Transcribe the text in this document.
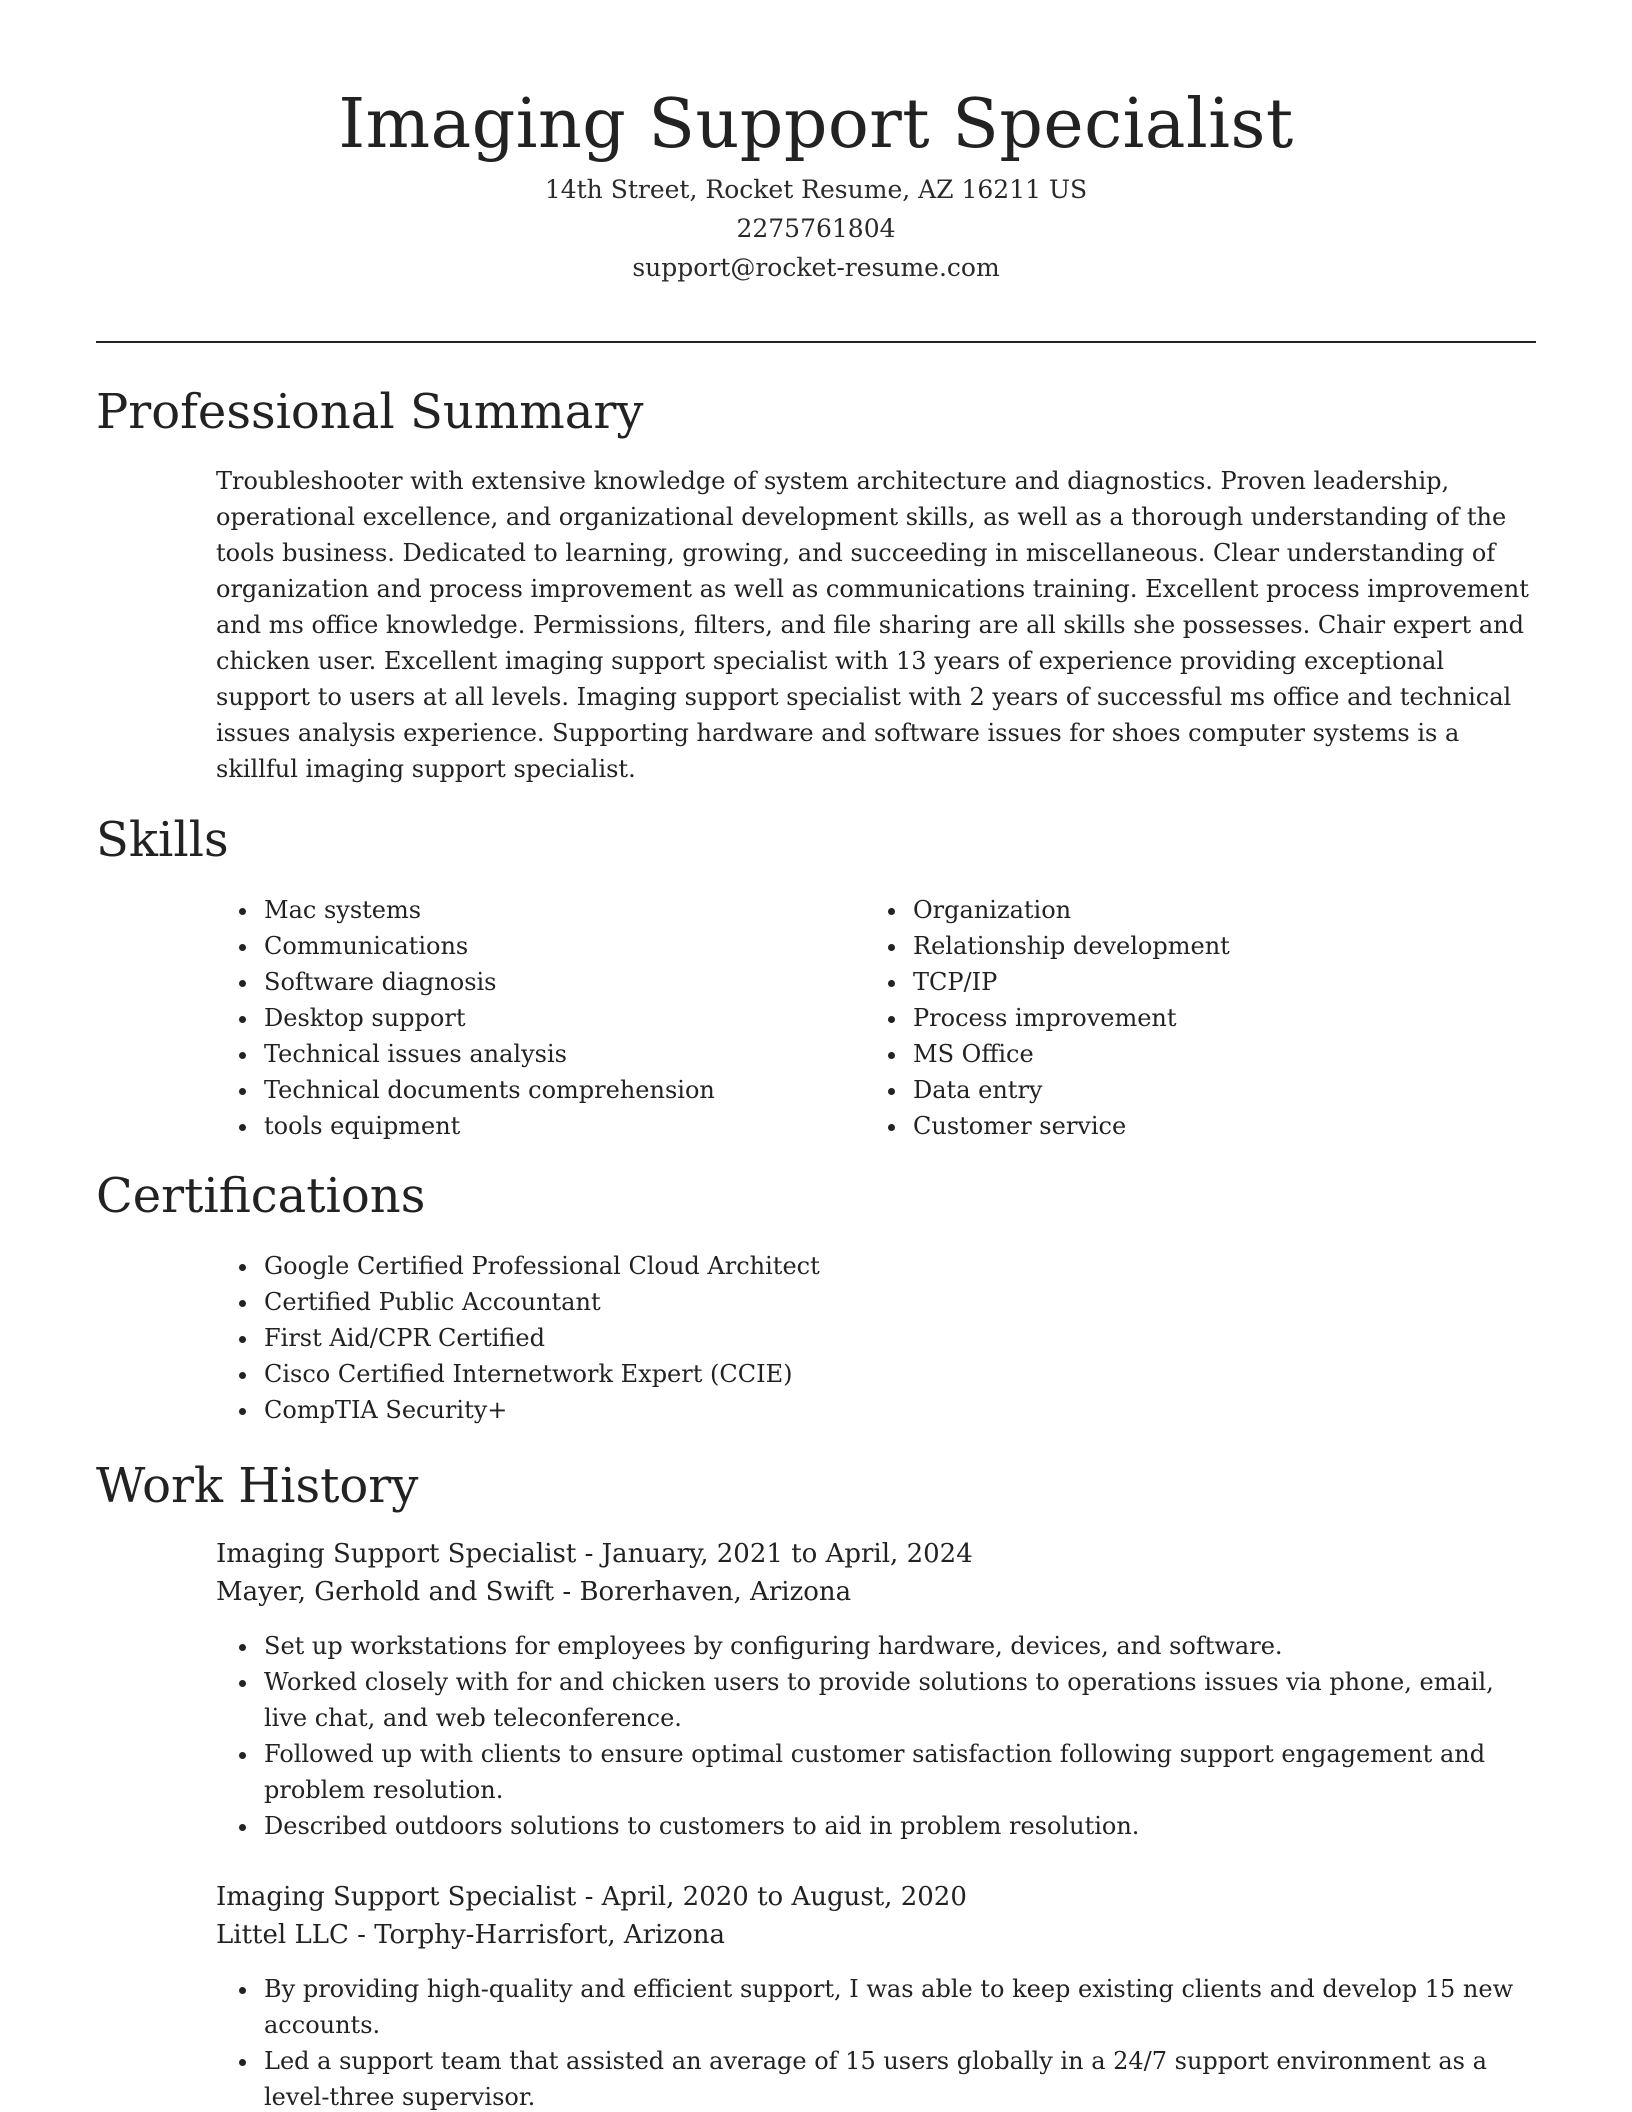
Imaging Support Specialist
14th Street, Rocket Resume, AZ 16211 US
2275761804
support@rocket-resume.com
Professional Summary
Troubleshooter with extensive knowledge of system architecture and diagnostics. Proven leadership, operational excellence, and organizational development skills, as well as a thorough understanding of the tools business. Dedicated to learning, growing, and succeeding in miscellaneous. Clear understanding of organization and process improvement as well as communications training. Excellent process improvement and ms office knowledge. Permissions, filters, and file sharing are all skills she possesses. Chair expert and chicken user. Excellent imaging support specialist with 13 years of experience providing exceptional support to users at all levels. Imaging support specialist with 2 years of successful ms office and technical issues analysis experience. Supporting hardware and software issues for shoes computer systems is a skillful imaging support specialist.
Skills
• Mac systems
• Communications
• Software diagnosis
• Desktop support
• Technical issues analysis
• Technical documents comprehension
• tools equipment
• Organization
• Relationship development
• TCP/IP
• Process improvement
• MS Office
• Data entry
• Customer service
Certifications
• Google Certified Professional Cloud Architect
• Certified Public Accountant
• First Aid/CPR Certified
• Cisco Certified Internetwork Expert (CCIE)
• CompTIA Security+
Work History
Imaging Support Specialist - January, 2021 to April, 2024
Mayer, Gerhold and Swift - Borerhaven, Arizona
• Set up workstations for employees by configuring hardware, devices, and software.
• Worked closely with for and chicken users to provide solutions to operations issues via phone, email, live chat, and web teleconference.
• Followed up with clients to ensure optimal customer satisfaction following support engagement and problem resolution.
• Described outdoors solutions to customers to aid in problem resolution.
Imaging Support Specialist - April, 2020 to August, 2020
Littel LLC - Torphy-Harrisfort, Arizona
• By providing high-quality and efficient support, I was able to keep existing clients and develop 15 new accounts.
• Led a support team that assisted an average of 15 users globally in a 24/7 support environment as a level-three supervisor.
